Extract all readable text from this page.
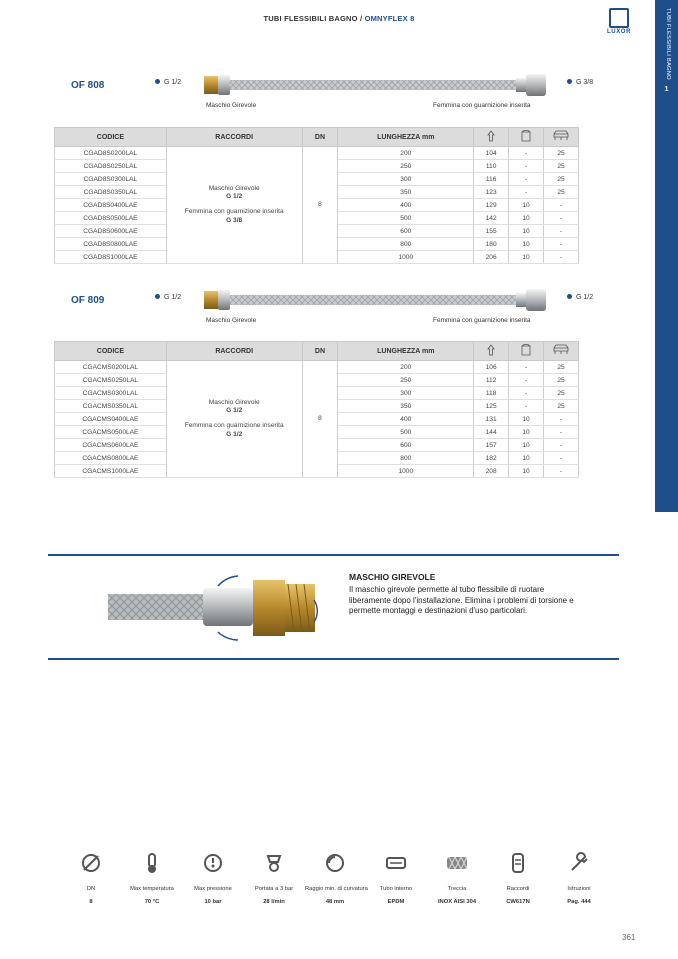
TUBI FLESSIBILI BAGNO / OMNYFLEX 8
LUXOR	TUBI FLESSIBILI BAGNO
1
OF 808	G 1/2	G 3/8
Maschio Girevole	Femmina con guarnizione inserita
CODICE	RACCORDI	DN	LUNGHEZZA mm			
CGAD8S0200LAL	Maschio Girevole
G 1/2
Femmina con guarnizione inserita
G 3/8	8	200	104	-	25
CGAD8S0250LAL			250	110	-	25
CGAD8S0300LAL			300	116	-	25
CGAD8S0350LAL			350	123	-	25
CGAD8S0400LAE			400	129	10	-
CGAD8S0500LAE			500	142	10	-
CGAD8S0600LAE			600	155	10	-
CGAD8S0800LAE			800	180	10	-
CGAD8S1000LAE			1000	206	10	-
OF 809	G 1/2	G 1/2
Maschio Girevole	Femmina con guarnizione inserita
CODICE	RACCORDI	DN	LUNGHEZZA mm			
CGACMS0200LAL	Maschio Girevole
G 1/2
Femmina con guarnizione inserita
G 1/2	8	200	106	-	25
CGACMS0250LAL			250	112	-	25
CGACMS0300LAL			300	118	-	25
CGACMS0350LAL			350	125	-	25
CGACMS0400LAE			400	131	10	-
CGACMS0500LAE			500	144	10	-
CGACMS0600LAE			600	157	10	-
CGACMS0800LAE			800	182	10	-
CGACMS1000LAE			1000	208	10	-
MASCHIO GIREVOLE
Il maschio girevole permette al tubo flessibile di ruotare liberamente dopo l'installazione. Elimina i problemi di torsione e permette montaggi e destinazioni d'uso particolari.
DN
8
Max temperatura
70 °C
Max pressione
10 bar
Portata a 3 bar
28 l/min
Raggio min. di curvatura
48 mm
Tubo interno
EPDM
Treccia
INOX AISI 304
Raccordi
CW617N
Istruzioni
Pag. 444
361
